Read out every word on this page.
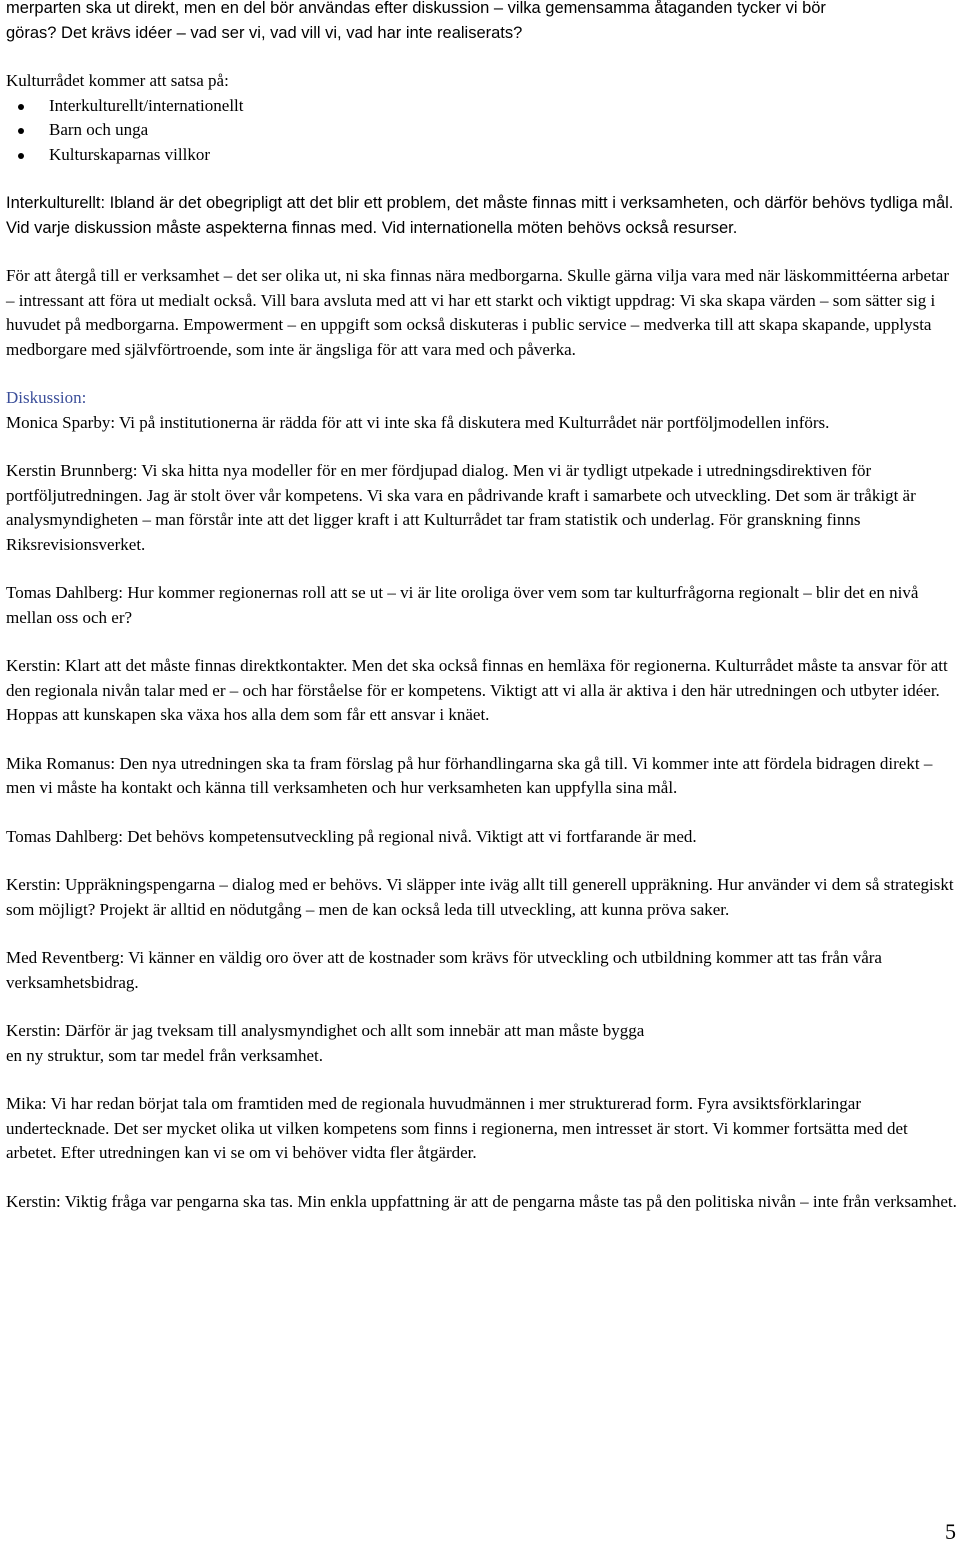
merparten ska ut direkt, men en del bör användas efter diskussion – vilka gemensamma åtaganden tycker vi bör
göras? Det krävs idéer – vad ser vi, vad vill vi, vad har inte realiserats?

Kulturrådet kommer att satsa på:

Interkulturellt/internationellt
Barn och unga
Kulturskaparnas villkor

Interkulturellt: Ibland är det obegripligt att det blir ett problem, det måste finnas mitt i verksamheten, och därför behövs tydliga mål. Vid varje diskussion måste aspekterna finnas med. Vid internationella möten behövs också resurser.

För att återgå till er verksamhet – det ser olika ut, ni ska finnas nära medborgarna. Skulle gärna vilja vara med när läskommittéerna arbetar – intressant att föra ut medialt också. Vill bara avsluta med att vi har ett starkt och viktigt uppdrag: Vi ska skapa värden – som sätter sig i huvudet på medborgarna. Empowerment – en uppgift som också diskuteras i public service – medverka till att skapa skapande, upplysta medborgare med självförtroende, som inte är ängsliga för att vara med och påverka.

Diskussion:

Monica Sparby: Vi på institutionerna är rädda för att vi inte ska få diskutera med Kulturrådet när portföljmodellen införs.

Kerstin Brunnberg: Vi ska hitta nya modeller för en mer fördjupad dialog. Men vi är tydligt utpekade i utredningsdirektiven för portföljutredningen. Jag är stolt över vår kompetens. Vi ska vara en pådrivande kraft i samarbete och utveckling. Det som är tråkigt är analysmyndigheten – man förstår inte att det ligger kraft i att Kulturrådet tar fram statistik och underlag. För granskning finns Riksrevisionsverket.

Tomas Dahlberg: Hur kommer regionernas roll att se ut – vi är lite oroliga över vem som tar kulturfrågorna regionalt – blir det en nivå mellan oss och er?

Kerstin: Klart att det måste finnas direktkontakter. Men det ska också finnas en hemläxa för regionerna. Kulturrådet måste ta ansvar för att den regionala nivån talar med er – och har förståelse för er kompetens. Viktigt att vi alla är aktiva i den här utredningen och utbyter idéer. Hoppas att kunskapen ska växa hos alla dem som får ett ansvar i knäet.

Mika Romanus: Den nya utredningen ska ta fram förslag på hur förhandlingarna ska gå till. Vi kommer inte att fördela bidragen direkt – men vi måste ha kontakt och känna till verksamheten och hur verksamheten kan uppfylla sina mål.

Tomas Dahlberg: Det behövs kompetensutveckling på regional nivå. Viktigt att vi fortfarande är med.

Kerstin: Uppräkningspengarna – dialog med er behövs. Vi släpper inte iväg allt till generell uppräkning. Hur använder vi dem så strategiskt som möjligt? Projekt är alltid en nödutgång – men de kan också leda till utveckling, att kunna pröva saker.

Med Reventberg: Vi känner en väldig oro över att de kostnader som krävs för utveckling och utbildning kommer att tas från våra verksamhetsbidrag.

Kerstin: Därför är jag tveksam till analysmyndighet och allt som innebär att man måste bygga
en ny struktur, som tar medel från verksamhet.

Mika: Vi har redan börjat tala om framtiden med de regionala huvudmännen i mer strukturerad form. Fyra avsiktsförklaringar undertecknade. Det ser mycket olika ut vilken kompetens som finns i regionerna, men intresset är stort. Vi kommer fortsätta med det arbetet. Efter utredningen kan vi se om vi behöver vidta fler åtgärder.

Kerstin: Viktig fråga var pengarna ska tas. Min enkla uppfattning är att de pengarna måste tas på den politiska nivån – inte från verksamhet.

5
